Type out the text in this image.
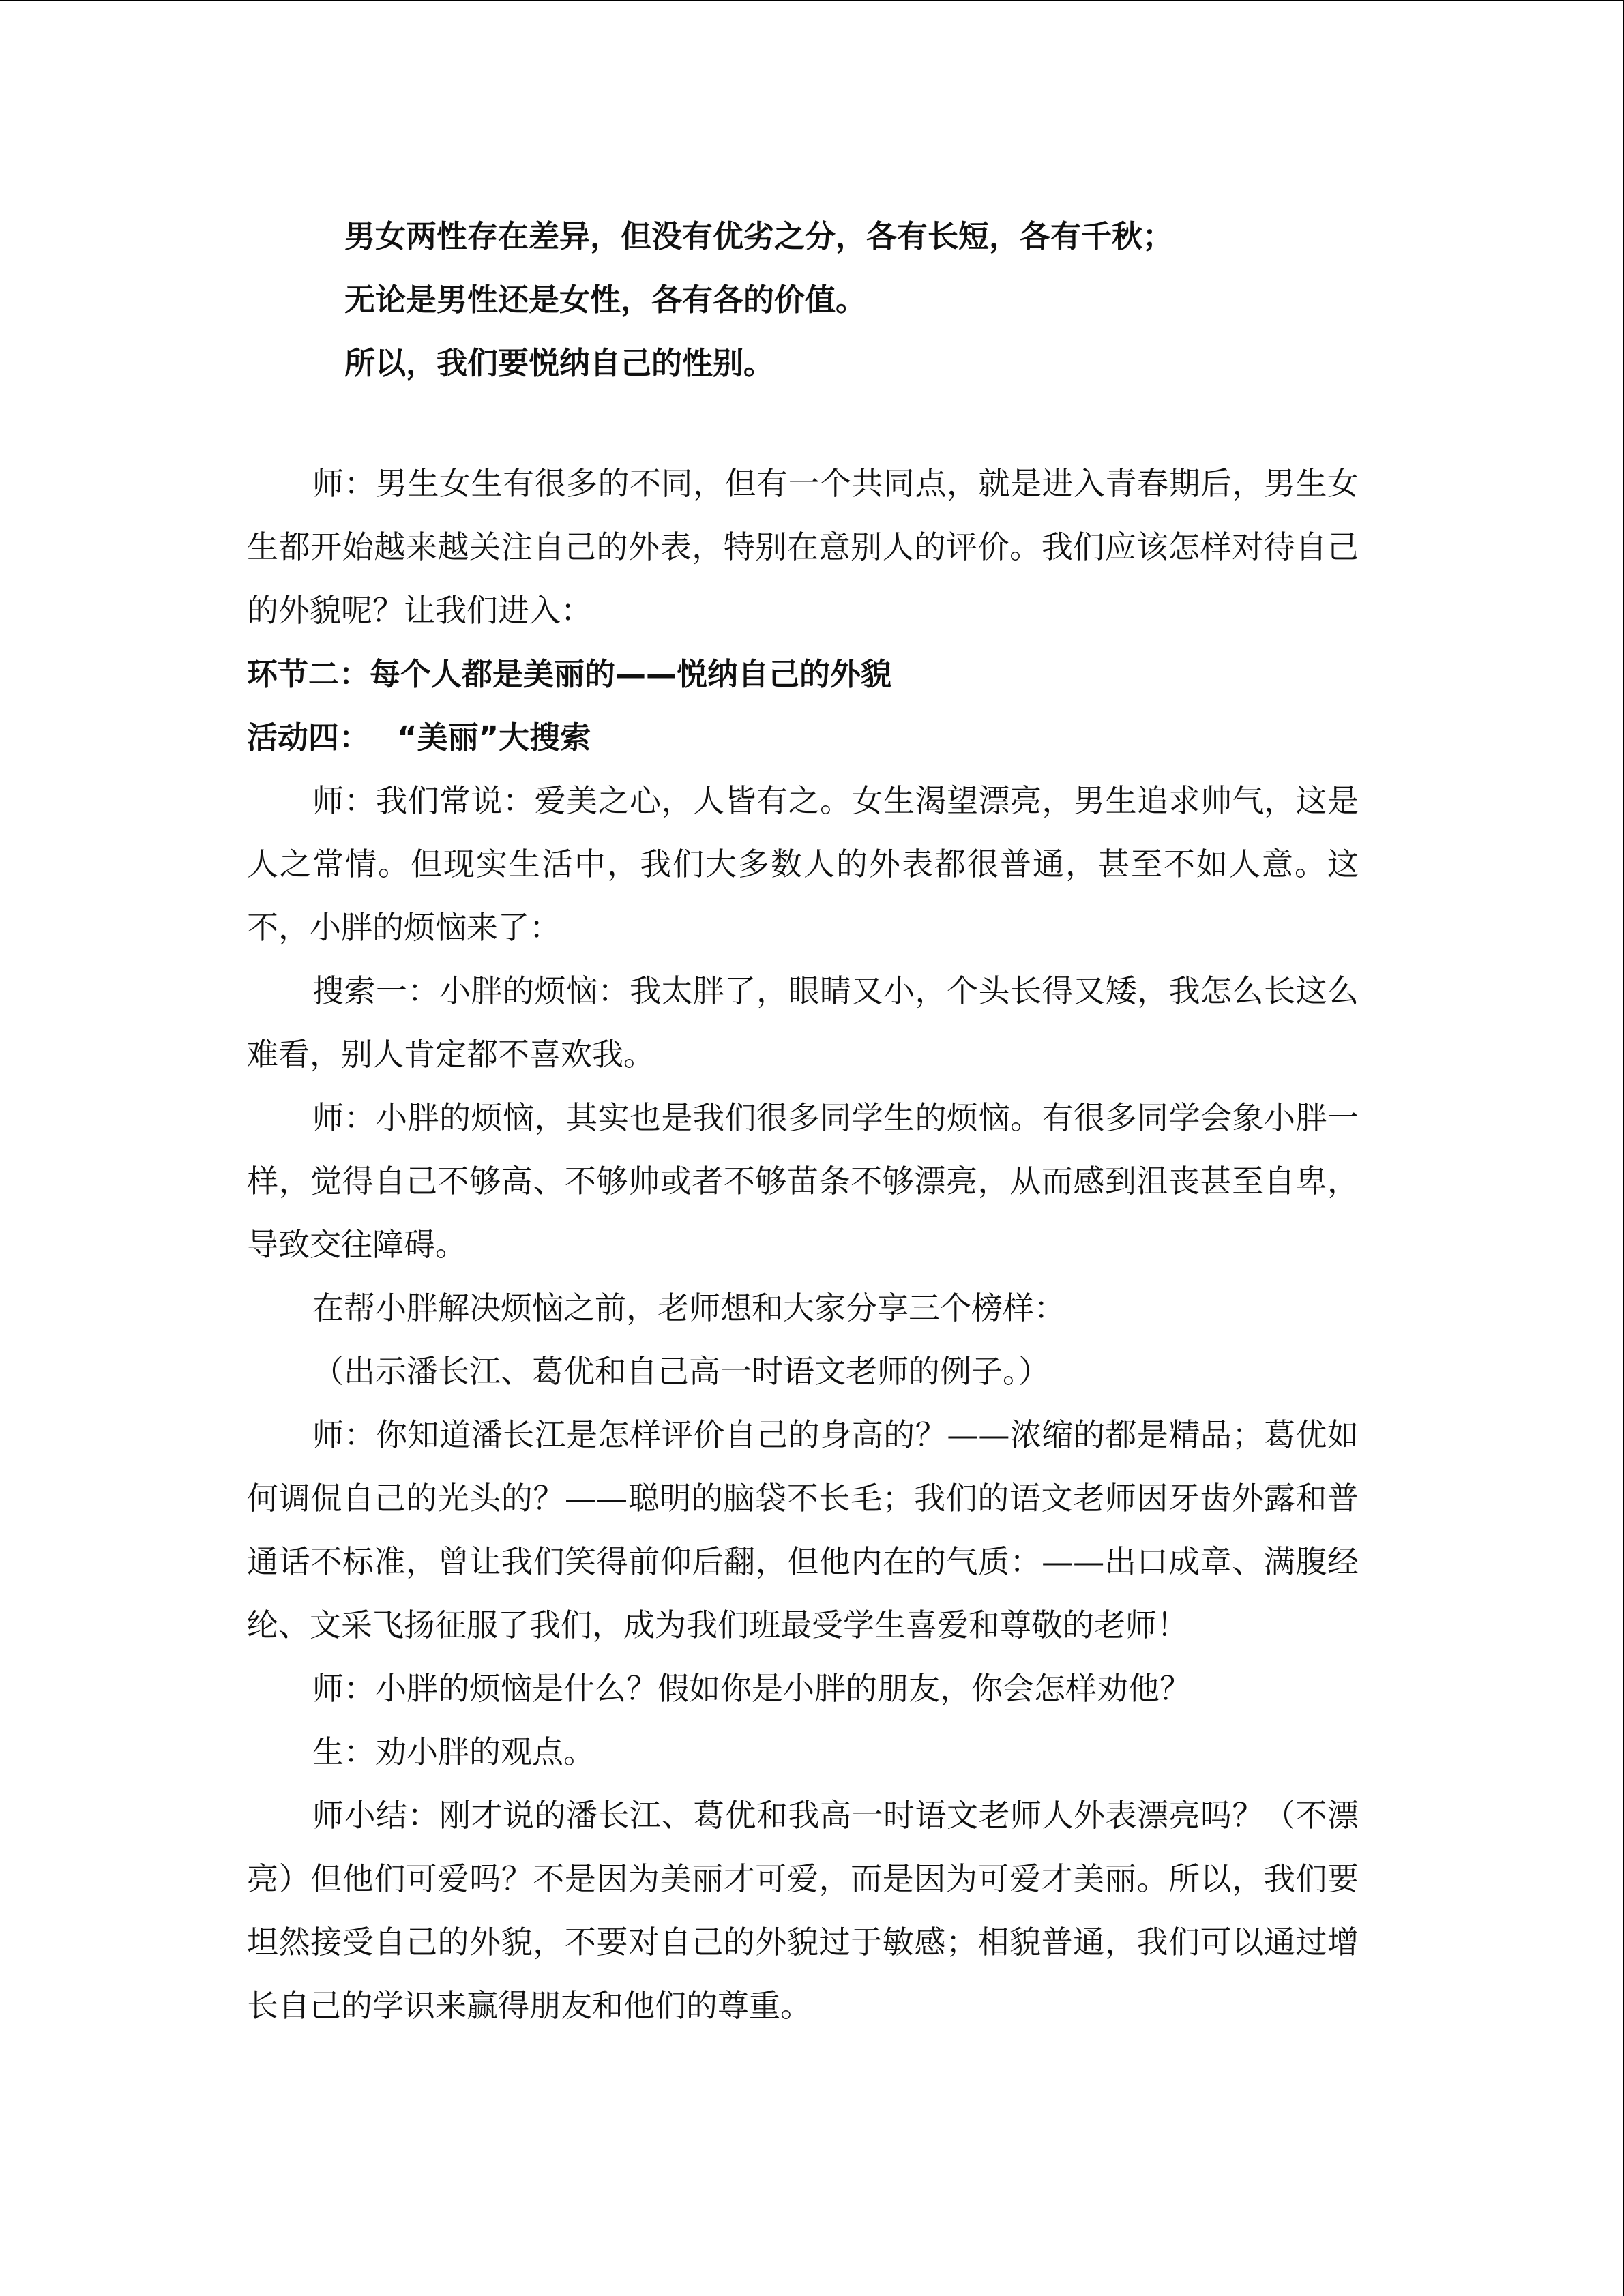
男女两性存在差异，但没有优劣之分，各有长短，各有千秋；
无论是男性还是女性，各有各的价值。
所以，我们要悦纳自己的性别。

师：男生女生有很多的不同，但有一个共同点，就是进入青春期后，男生女生都开始越来越关注自己的外表，特别在意别人的评价。我们应该怎样对待自己的外貌呢？让我们进入：

环节二：每个人都是美丽的——悦纳自己的外貌

活动四： “美丽”大搜索

师：我们常说：爱美之心，人皆有之。女生渴望漂亮，男生追求帅气，这是人之常情。但现实生活中，我们大多数人的外表都很普通，甚至不如人意。这不，小胖的烦恼来了：

搜索一：小胖的烦恼：我太胖了，眼睛又小，个头长得又矮，我怎么长这么难看，别人肯定都不喜欢我。

师：小胖的烦恼，其实也是我们很多同学生的烦恼。有很多同学会象小胖一样，觉得自己不够高、不够帅或者不够苗条不够漂亮，从而感到沮丧甚至自卑，导致交往障碍。

在帮小胖解决烦恼之前，老师想和大家分享三个榜样：

（出示潘长江、葛优和自己高一时语文老师的例子。）

师：你知道潘长江是怎样评价自己的身高的？——浓缩的都是精品；葛优如何调侃自己的光头的？——聪明的脑袋不长毛；我们的语文老师因牙齿外露和普通话不标准，曾让我们笑得前仰后翻，但他内在的气质：——出口成章、满腹经纶、文采飞扬征服了我们，成为我们班最受学生喜爱和尊敬的老师！

师：小胖的烦恼是什么？假如你是小胖的朋友，你会怎样劝他？

生：劝小胖的观点。

师小结：刚才说的潘长江、葛优和我高一时语文老师人外表漂亮吗？（不漂亮）但他们可爱吗？不是因为美丽才可爱，而是因为可爱才美丽。所以，我们要坦然接受自己的外貌，不要对自己的外貌过于敏感；相貌普通，我们可以通过增长自己的学识来赢得朋友和他们的尊重。
